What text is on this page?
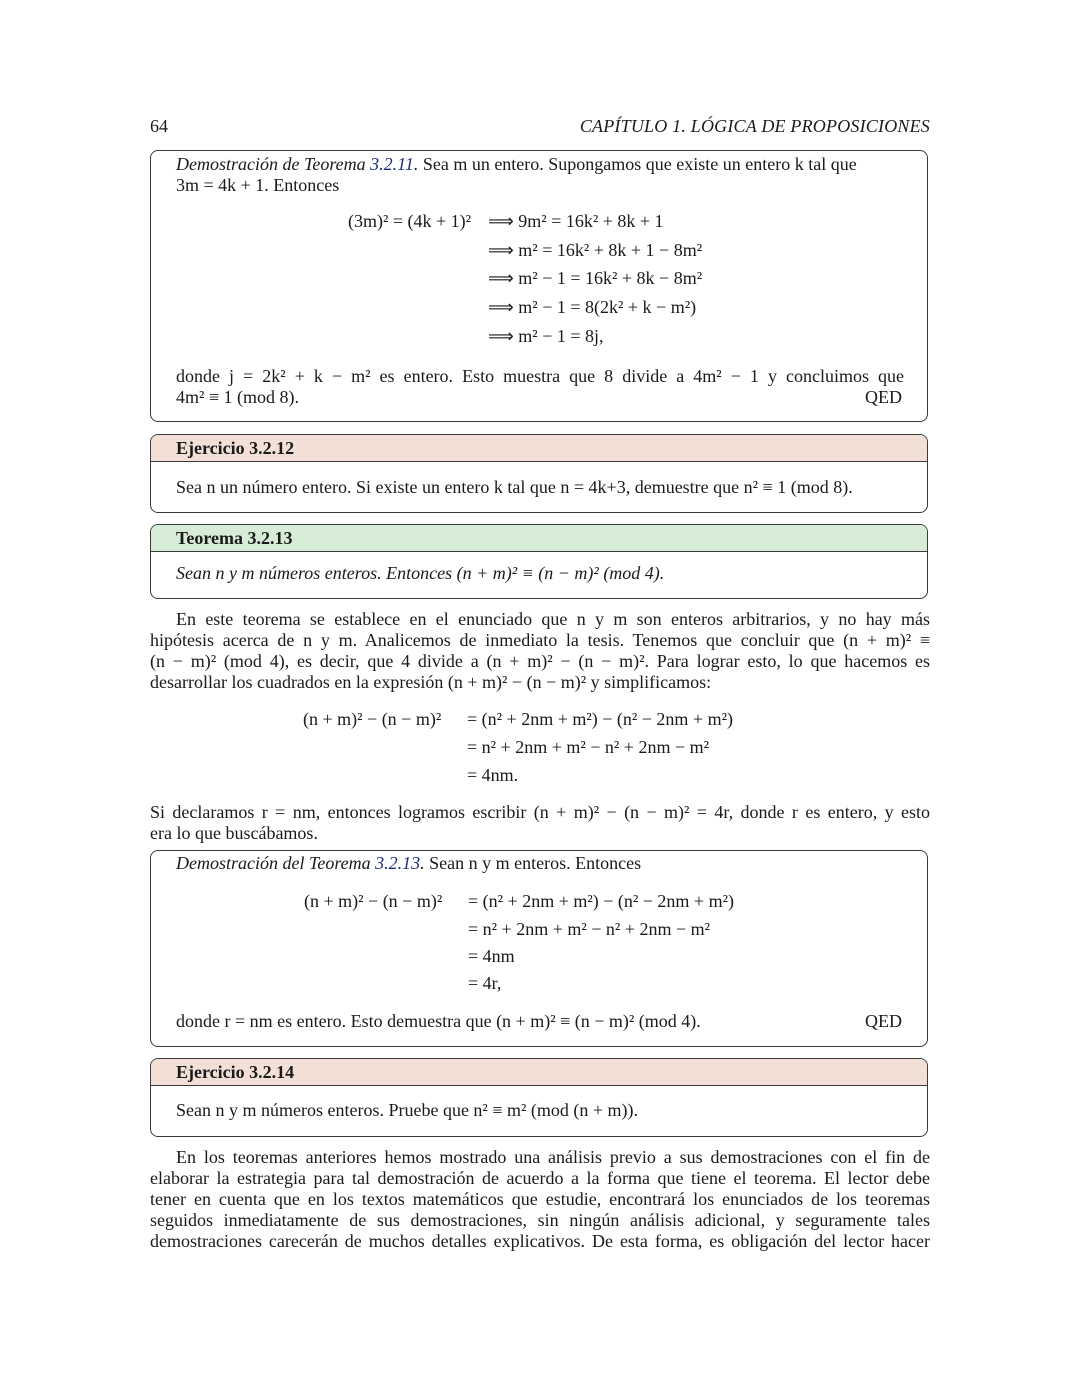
64	CAPÍTULO 1. LÓGICA DE PROPOSICIONES
Demostración de Teorema 3.2.11. Sea m un entero. Supongamos que existe un entero k tal que
3m = 4k + 1. Entonces
(3m)² = (4k + 1)² ⟹ 9m² = 16k² + 8k + 1
⟹ m² = 16k² + 8k + 1 − 8m²
⟹ m² − 1 = 16k² + 8k − 8m²
⟹ m² − 1 = 8(2k² + k − m²)
⟹ m² − 1 = 8j,
donde j = 2k² + k − m² es entero. Esto muestra que 8 divide a 4m² − 1 y concluimos que
4m² ≡ 1 (mod 8).	QED
Ejercicio 3.2.12
Sea n un número entero. Si existe un entero k tal que n = 4k+3, demuestre que n² ≡ 1 (mod 8).
Teorema 3.2.13
Sean n y m números enteros. Entonces (n + m)² ≡ (n − m)² (mod 4).
En este teorema se establece en el enunciado que n y m son enteros arbitrarios, y no hay más
hipótesis acerca de n y m. Analicemos de inmediato la tesis. Tenemos que concluir que (n + m)² ≡
(n − m)² (mod 4), es decir, que 4 divide a (n + m)² − (n − m)². Para lograr esto, lo que hacemos es
desarrollar los cuadrados en la expresión (n + m)² − (n − m)² y simplificamos:
(n + m)² − (n − m)² = (n² + 2nm + m²) − (n² − 2nm + m²)
= n² + 2nm + m² − n² + 2nm − m²
= 4nm.
Si declaramos r = nm, entonces logramos escribir (n + m)² − (n − m)² = 4r, donde r es entero, y esto
era lo que buscábamos.
Demostración del Teorema 3.2.13. Sean n y m enteros. Entonces
(n + m)² − (n − m)² = (n² + 2nm + m²) − (n² − 2nm + m²)
= n² + 2nm + m² − n² + 2nm − m²
= 4nm
= 4r,
donde r = nm es entero. Esto demuestra que (n + m)² ≡ (n − m)² (mod 4).	QED
Ejercicio 3.2.14
Sean n y m números enteros. Pruebe que n² ≡ m² (mod (n + m)).
En los teoremas anteriores hemos mostrado una análisis previo a sus demostraciones con el fin de
elaborar la estrategia para tal demostración de acuerdo a la forma que tiene el teorema. El lector debe
tener en cuenta que en los textos matemáticos que estudie, encontrará los enunciados de los teoremas
seguidos inmediatamente de sus demostraciones, sin ningún análisis adicional, y seguramente tales
demostraciones carecerán de muchos detalles explicativos. De esta forma, es obligación del lector hacer
